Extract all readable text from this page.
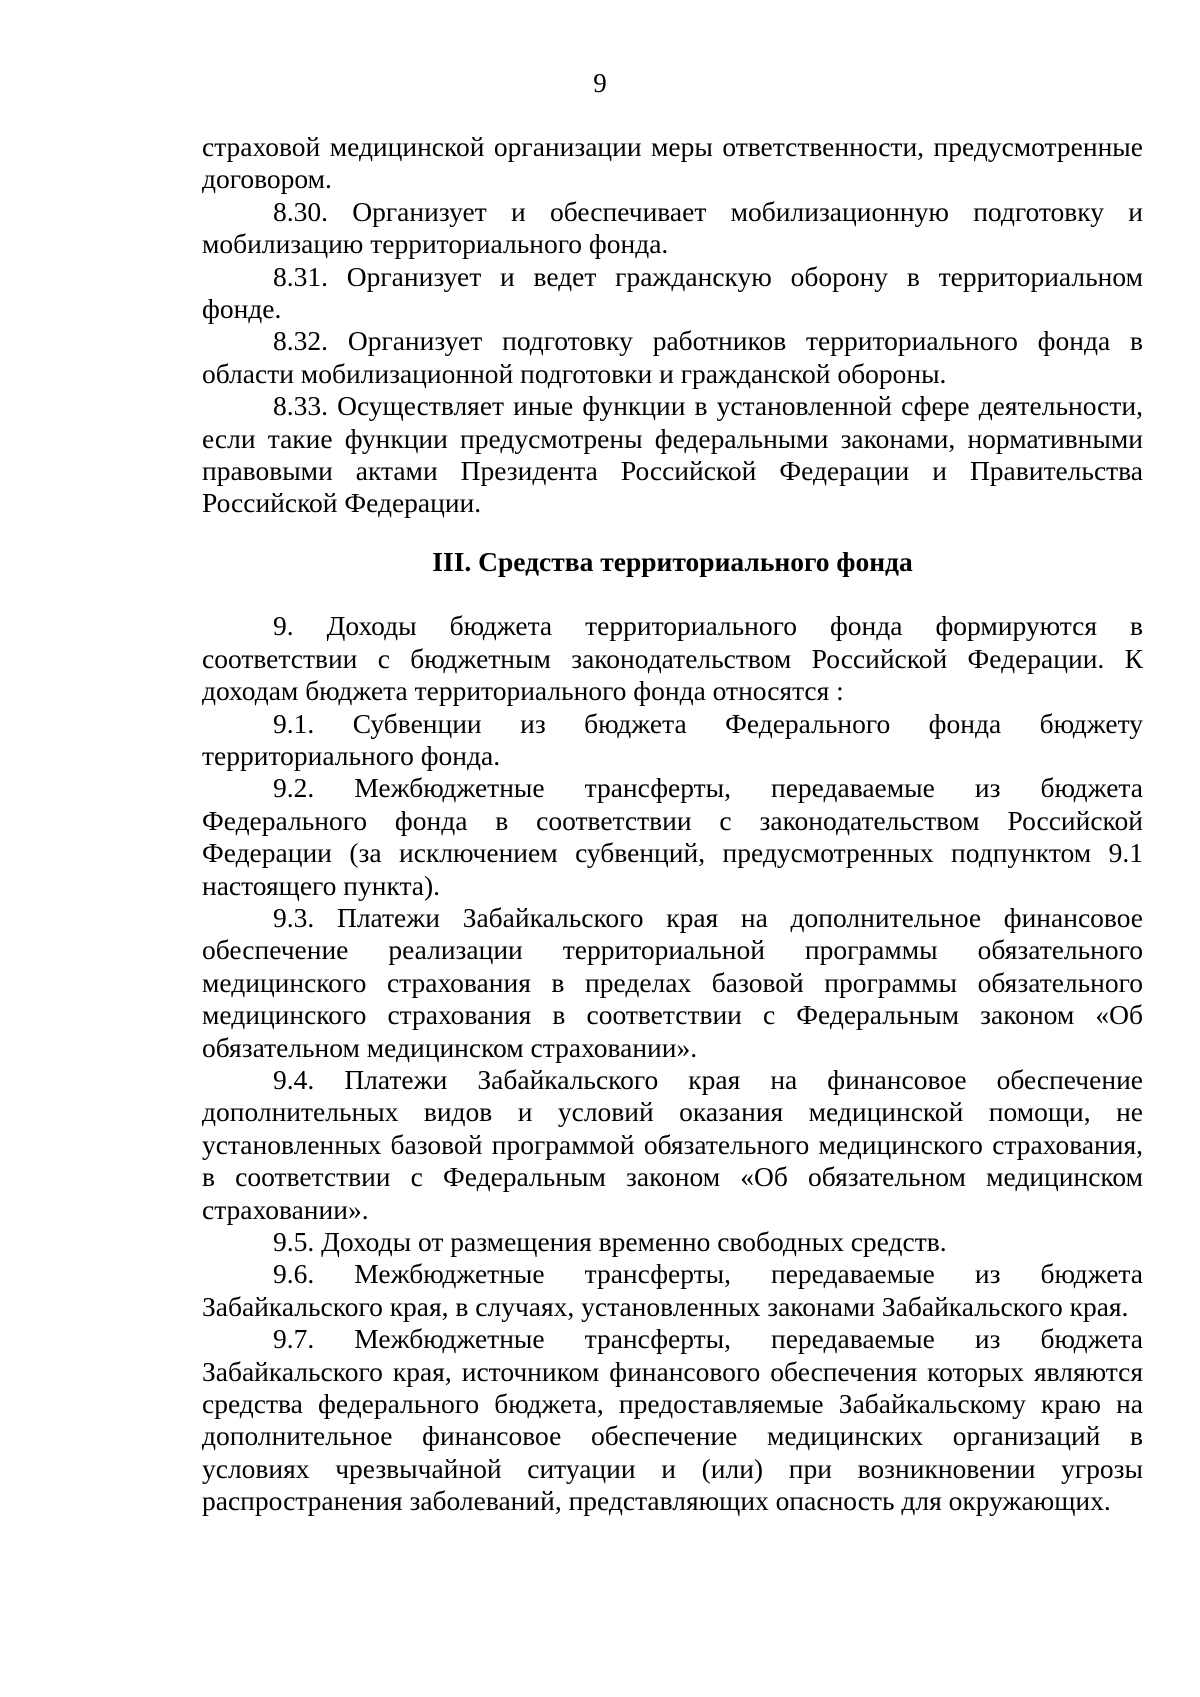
9

страховой медицинской организации меры ответственности, предусмотренные договором.

8.30. Организует и обеспечивает мобилизационную подготовку и мобилизацию территориального фонда.

8.31. Организует и ведет гражданскую оборону в территориальном фонде.

8.32. Организует подготовку работников территориального фонда в области мобилизационной подготовки и гражданской обороны.

8.33. Осуществляет иные функции в установленной сфере деятельности, если такие функции предусмотрены федеральными законами, нормативными правовыми актами Президента Российской Федерации и Правительства Российской Федерации.

III. Средства территориального фонда

9. Доходы бюджета территориального фонда формируются в соответствии с бюджетным законодательством Российской Федерации. К доходам бюджета территориального фонда относятся :

9.1. Субвенции из бюджета Федерального фонда бюджету территориального фонда.

9.2. Межбюджетные трансферты, передаваемые из бюджета Федерального фонда в соответствии с законодательством Российской Федерации (за исключением субвенций, предусмотренных подпунктом 9.1 настоящего пункта).

9.3. Платежи Забайкальского края на дополнительное финансовое обеспечение реализации территориальной программы обязательного медицинского страхования в пределах базовой программы обязательного медицинского страхования в соответствии с Федеральным законом «Об обязательном медицинском страховании».

9.4. Платежи Забайкальского края на финансовое обеспечение дополнительных видов и условий оказания медицинской помощи, не установленных базовой программой обязательного медицинского страхования, в соответствии с Федеральным законом «Об обязательном медицинском страховании».

9.5. Доходы от размещения временно свободных средств.

9.6. Межбюджетные трансферты, передаваемые из бюджета Забайкальского края, в случаях, установленных законами Забайкальского края.

9.7. Межбюджетные трансферты, передаваемые из бюджета Забайкальского края, источником финансового обеспечения которых являются средства федерального бюджета, предоставляемые Забайкальскому краю на дополнительное финансовое обеспечение медицинских организаций в условиях чрезвычайной ситуации и (или) при возникновении угрозы распространения заболеваний, представляющих опасность для окружающих.
